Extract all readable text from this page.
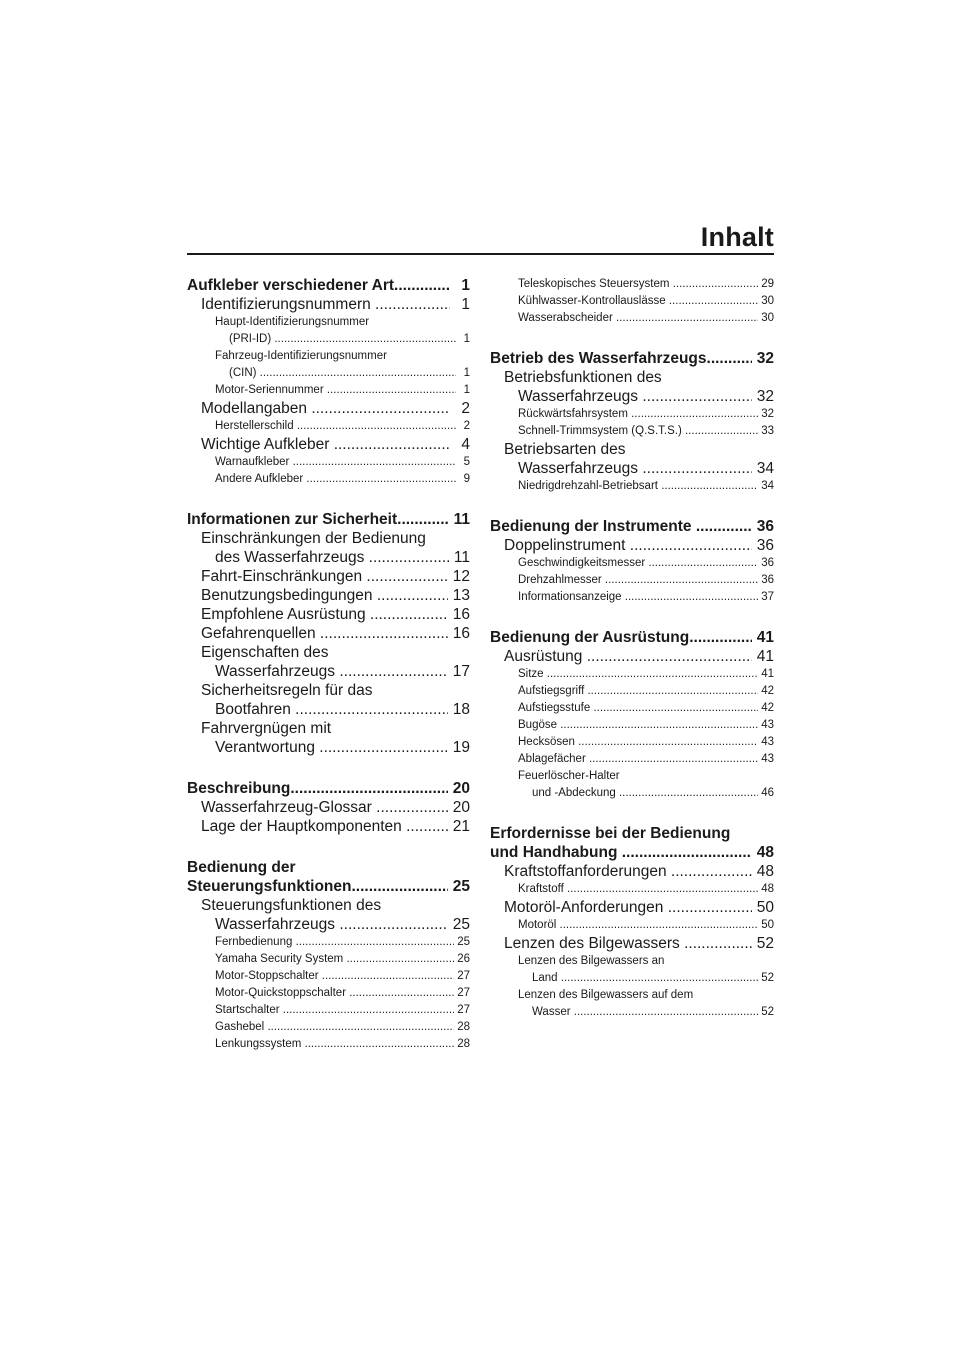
Inhalt
Aufkleber verschiedener Art .....	1
Identifizierungsnummern .....	1
Haupt-Identifizierungsnummer
(PRI-ID) .....	1
Fahrzeug-Identifizierungsnummer
(CIN) .....	1
Motor-Seriennummer .....	1
Modellangaben .....	2
Herstellerschild .....	2
Wichtige Aufkleber .....	4
Warnaufkleber .....	5
Andere Aufkleber .....	9
Informationen zur Sicherheit .....	11
Einschränkungen der Bedienung
des Wasserfahrzeugs .....	11
Fahrt-Einschränkungen .....	12
Benutzungsbedingungen .....	13
Empfohlene Ausrüstung .....	16
Gefahrenquellen .....	16
Eigenschaften des
Wasserfahrzeugs .....	17
Sicherheitsregeln für das
Bootfahren .....	18
Fahrvergnügen mit
Verantwortung .....	19
Beschreibung .....	20
Wasserfahrzeug-Glossar .....	20
Lage der Hauptkomponenten .....	21
Bedienung der
Steuerungsfunktionen .....	25
Steuerungsfunktionen des
Wasserfahrzeugs .....	25
Fernbedienung .....	25
Yamaha Security System .....	26
Motor-Stoppschalter .....	27
Motor-Quickstoppschalter .....	27
Startschalter .....	27
Gashebel .....	28
Lenkungssystem .....	28
Teleskopisches Steuersystem .....	29
Kühlwasser-Kontrollauslässe .....	30
Wasserabscheider .....	30
Betrieb des Wasserfahrzeugs .....	32
Betriebsfunktionen des
Wasserfahrzeugs .....	32
Rückwärtsfahrsystem .....	32
Schnell-Trimmsystem (Q.S.T.S.) .....	33
Betriebsarten des
Wasserfahrzeugs .....	34
Niedrigdrehzahl-Betriebsart .....	34
Bedienung der Instrumente .....	36
Doppelinstrument .....	36
Geschwindigkeitsmesser .....	36
Drehzahlmesser .....	36
Informationsanzeige .....	37
Bedienung der Ausrüstung .....	41
Ausrüstung .....	41
Sitze .....	41
Aufstiegsgriff .....	42
Aufstiegsstufe .....	42
Bugöse .....	43
Hecksösen .....	43
Ablagefächer .....	43
Feuerlöscher-Halter
und -Abdeckung .....	46
Erfordernisse bei der Bedienung
und Handhabung .....	48
Kraftstoffanforderungen .....	48
Kraftstoff .....	48
Motoröl-Anforderungen .....	50
Motoröl .....	50
Lenzen des Bilgewassers .....	52
Lenzen des Bilgewassers an
Land .....	52
Lenzen des Bilgewassers auf dem
Wasser .....	52
